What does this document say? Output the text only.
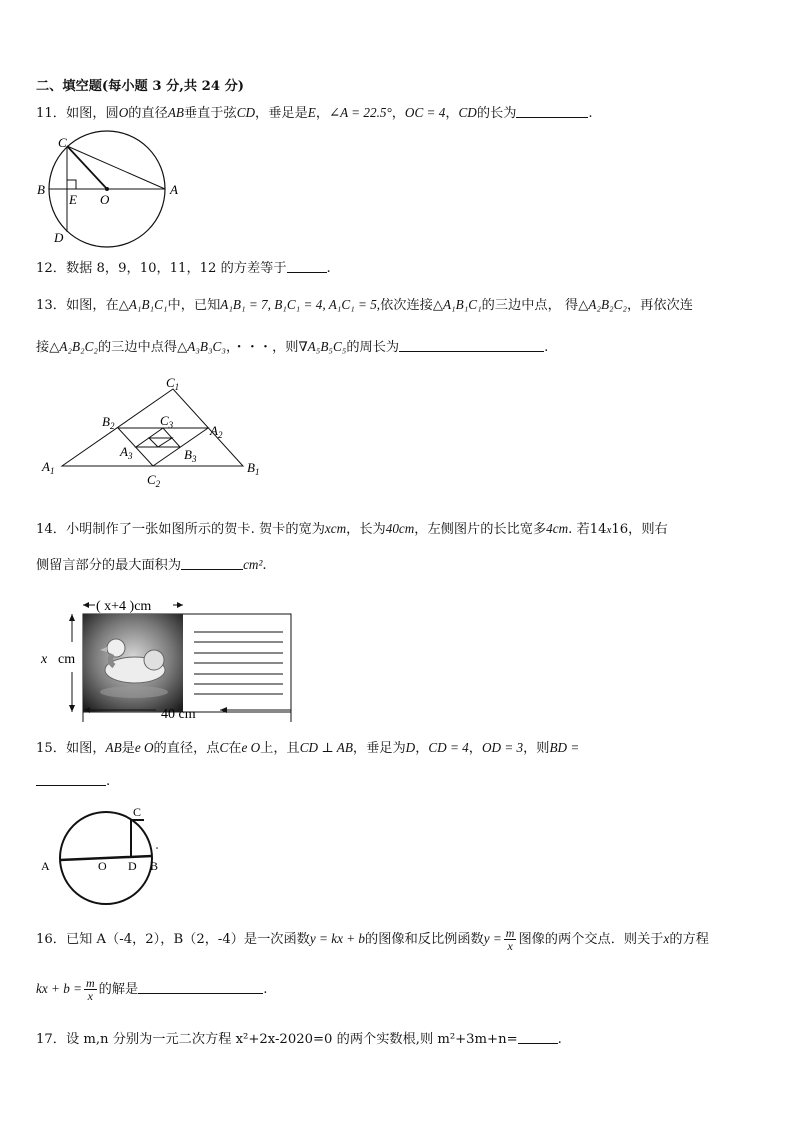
二、填空题(每小题 3 分,共 24 分)
11．如图，圆O的直径AB垂直于弦CD，垂足是E，∠A = 22.5°，OC = 4，CD的长为	.
C
B
E O
A
D
12．数据 8，9，10，11，12 的方差等于	.
13．如图，在△A₁B₁C₁中，已知A₁B₁ = 7, B₁C₁ = 4, A₁C₁ = 5,依次连接△A₁B₁C₁的三边中点， 得△A₂B₂C₂，再依次连
接△A₂B₂C₂的三边中点得△A₃B₃C₃，・・・，则∇A₅B₅C₅的周长为	.
$C_1$
$B_2$	$C_3$	$A_2$
$A_3$	$B_3$
$A_1$	$B_1$
$C_2$
14．小明制作了一张如图所示的贺卡. 贺卡的宽为xcm，长为40cm，左侧图片的长比宽多4cm. 若14x16，则右
侧留言部分的最大面积为	cm².
( x+4 )cm
x cm
40 cm
15．如图，AB是e O的直径，点C在e O上，且CD ⊥ AB，垂足为D，CD = 4，OD = 3，则BD =
.
C
A	O D B
16．已知 A（-4，2），B（2，-4）是一次函数y = kx + b的图像和反比例函数$y = \frac{m}{x}$ 图像的两个交点．则关于x的方程
kx + $b = \frac{m}{x}$ 的解是	.
17．设 m,n 分别为一元二次方程 x²+2x-2020=0 的两个实数根,则 m²+3m+n=	.
